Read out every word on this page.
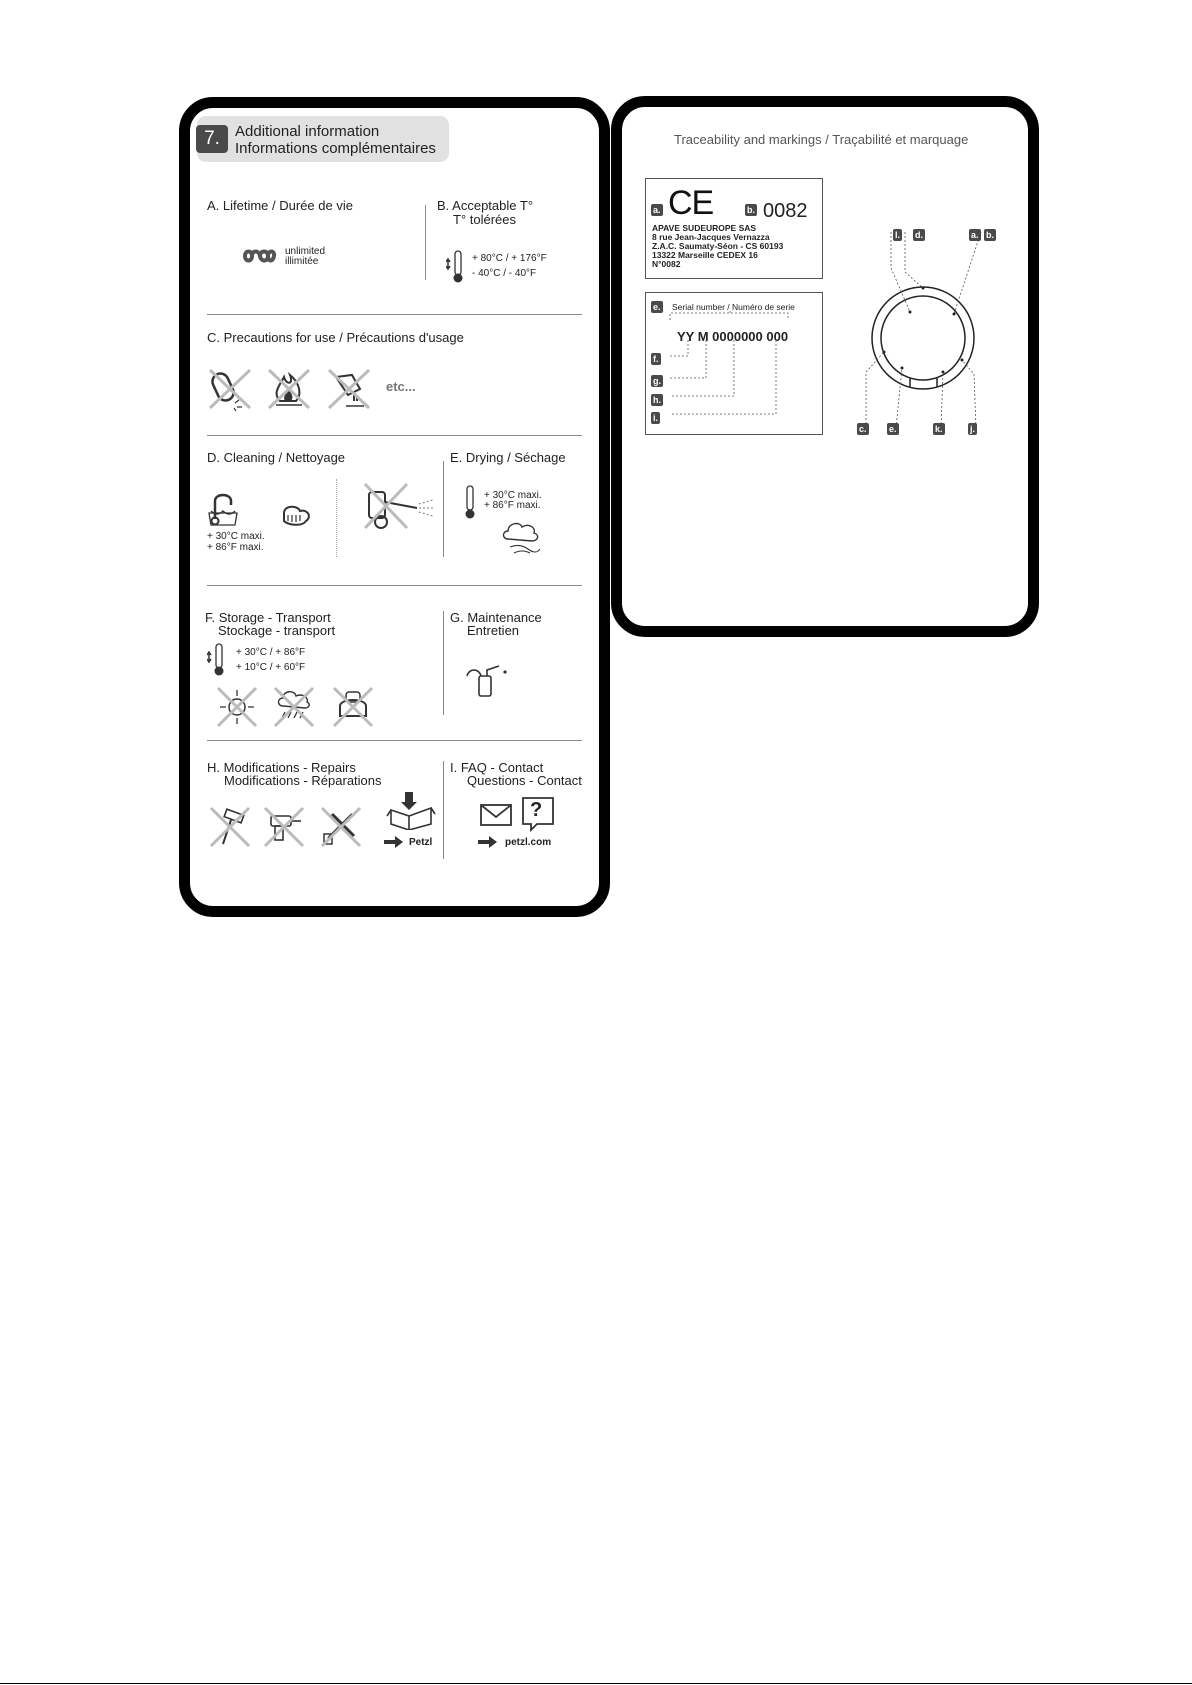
7.	Additional information
Informations complémentaires
A. Lifetime / Durée de vie
unlimited
illimitée
B. Acceptable T°
T° tolérées
+ 80°C / + 176°F
- 40°C / - 40°F
C. Precautions for use / Précautions d'usage
etc...
D. Cleaning / Nettoyage
+ 30°C maxi.
+ 86°F maxi.
E. Drying / Séchage
+ 30°C maxi.
+ 86°F maxi.
F. Storage - Transport
Stockage - transport
+ 30°C / + 86°F
+ 10°C / + 60°F
G. Maintenance
Entretien
H. Modifications - Repairs
Modifications - Réparations
Petzl
I. FAQ - Contact
Questions - Contact
?
petzl.com
Traceability and markings / Traçabilité et marquage
a. CE	b. 0082
APAVE SUDEUROPE SAS
8 rue Jean-Jacques Vernazza
Z.A.C. Saumaty-Séon - CS 60193
13322 Marseille CEDEX 16
N°0082
e. Serial number / Numéro de serie
YY M 0000000 000
f.
g.
h.
i.
l. d.	a. b.
c. e.	k.	j.
